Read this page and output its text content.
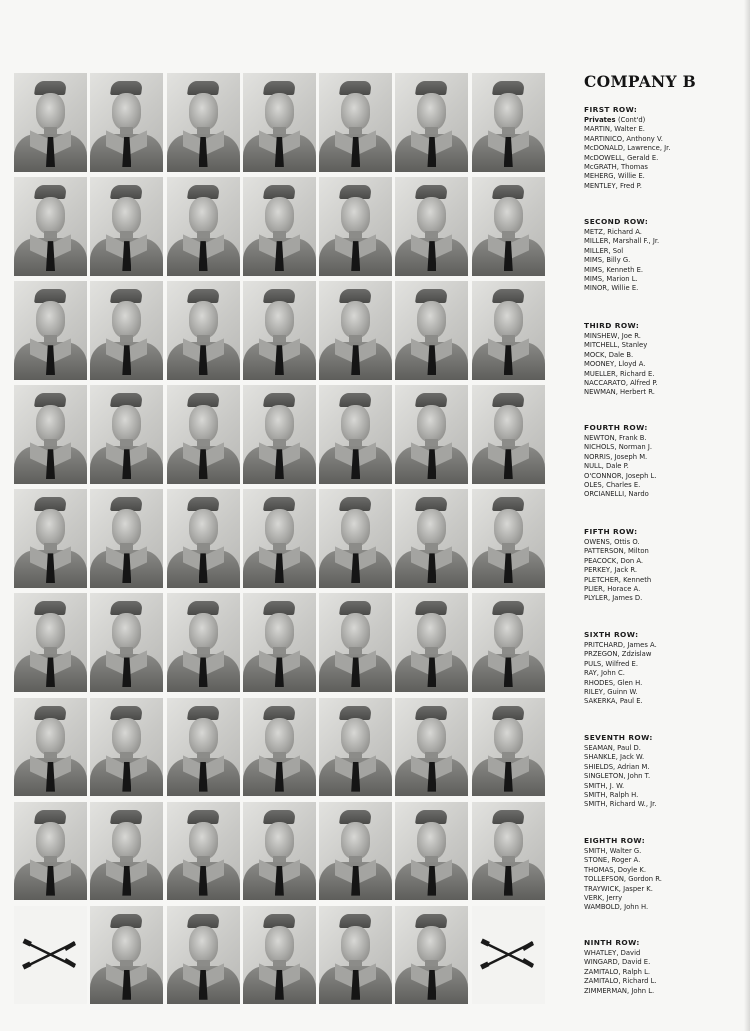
COMPANY B
FIRST ROW:
Privates (Cont'd)
MARTIN, Walter E.
MARTINICO, Anthony V.
McDONALD, Lawrence, Jr.
McDOWELL, Gerald E.
McGRATH, Thomas
MEHERG, Willie E.
MENTLEY, Fred P.
SECOND ROW:
METZ, Richard A.
MILLER, Marshall F., Jr.
MILLER, Sol
MIMS, Billy G.
MIMS, Kenneth E.
MIMS, Marion L.
MINOR, Willie E.
THIRD ROW:
MINSHEW, Joe R.
MITCHELL, Stanley
MOCK, Dale B.
MOONEY, Lloyd A.
MUELLER, Richard E.
NACCARATO, Alfred P.
NEWMAN, Herbert R.
FOURTH ROW:
NEWTON, Frank B.
NICHOLS, Norman J.
NORRIS, Joseph M.
NULL, Dale P.
O'CONNOR, Joseph L.
OLES, Charles E.
ORCIANELLI, Nardo
FIFTH ROW:
OWENS, Ottis O.
PATTERSON, Milton
PEACOCK, Don A.
PERKEY, Jack R.
PLETCHER, Kenneth
PLIER, Horace A.
PLYLER, James D.
SIXTH ROW:
PRITCHARD, James A.
PRZEGON, Zdzislaw
PULS, Wilfred E.
RAY, John C.
RHODES, Glen H.
RILEY, Guinn W.
SAKERKA, Paul E.
SEVENTH ROW:
SEAMAN, Paul D.
SHANKLE, Jack W.
SHIELDS, Adrian M.
SINGLETON, John T.
SMITH, J. W.
SMITH, Ralph H.
SMITH, Richard W., Jr.
EIGHTH ROW:
SMITH, Walter G.
STONE, Roger A.
THOMAS, Doyle K.
TOLLEFSON, Gordon R.
TRAYWICK, Jasper K.
VERK, Jerry
WAMBOLD, John H.
NINTH ROW:
WHATLEY, David
WINGARD, David E.
ZAMITALO, Ralph L.
ZAMITALO, Richard L.
ZIMMERMAN, John L.
